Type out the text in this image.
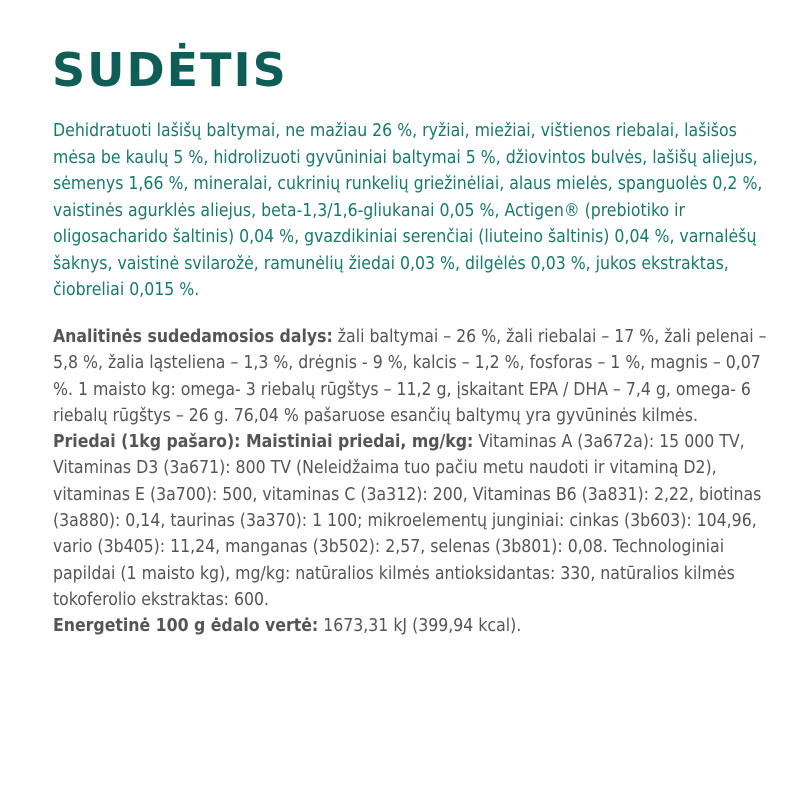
SUDĖTIS

Dehidratuoti lašišų baltymai, ne mažiau 26 %, ryžiai, miežiai, vištienos riebalai, lašišos mėsa be kaulų 5 %, hidrolizuoti gyvūniniai baltymai 5 %, džiovintos bulvės, lašišų aliejus, sėmenys 1,66 %, mineralai, cukrinių runkelių griežinėliai, alaus mielės, spanguolės 0,2 %, vaistinės agurklės aliejus, beta-1,3/1,6-gliukanai 0,05 %, Actigen® (prebiotiko ir oligosacharido šaltinis) 0,04 %, gvazdikiniai serenčiai (liuteino šaltinis) 0,04 %, varnalėšų šaknys, vaistinė svilarožė, ramunėlių žiedai 0,03 %, dilgėlės 0,03 %, jukos ekstraktas, čiobreliai 0,015 %.

Analitinės sudedamosios dalys: žali baltymai – 26 %, žali riebalai – 17 %, žali pelenai – 5,8 %, žalia ląsteliena – 1,3 %, drėgnis - 9 %, kalcis – 1,2 %, fosforas – 1 %, magnis – 0,07 %. 1 maisto kg: omega- 3 riebalų rūgštys – 11,2 g, įskaitant EPA / DHA – 7,4 g, omega- 6 riebalų rūgštys – 26 g. 76,04 % pašaruose esančių baltymų yra gyvūninės kilmės.

Priedai (1kg pašaro): Maistiniai priedai, mg/kg: Vitaminas A (3a672a): 15 000 TV, Vitaminas D3 (3a671): 800 TV (Neleidžaima tuo pačiu metu naudoti ir vitaminą D2), vitaminas E (3a700): 500, vitaminas C (3a312): 200, Vitaminas B6 (3a831): 2,22, biotinas (3a880): 0,14, taurinas (3a370): 1 100; mikroelementų junginiai: cinkas (3b603): 104,96, vario (3b405): 11,24, manganas (3b502): 2,57, selenas (3b801): 0,08. Technologiniai papildai (1 maisto kg), mg/kg: natūralios kilmės antioksidantas: 330, natūralios kilmės tokoferolio ekstraktas: 600.

Energetinė 100 g ėdalo vertė: 1673,31 kJ (399,94 kcal).
